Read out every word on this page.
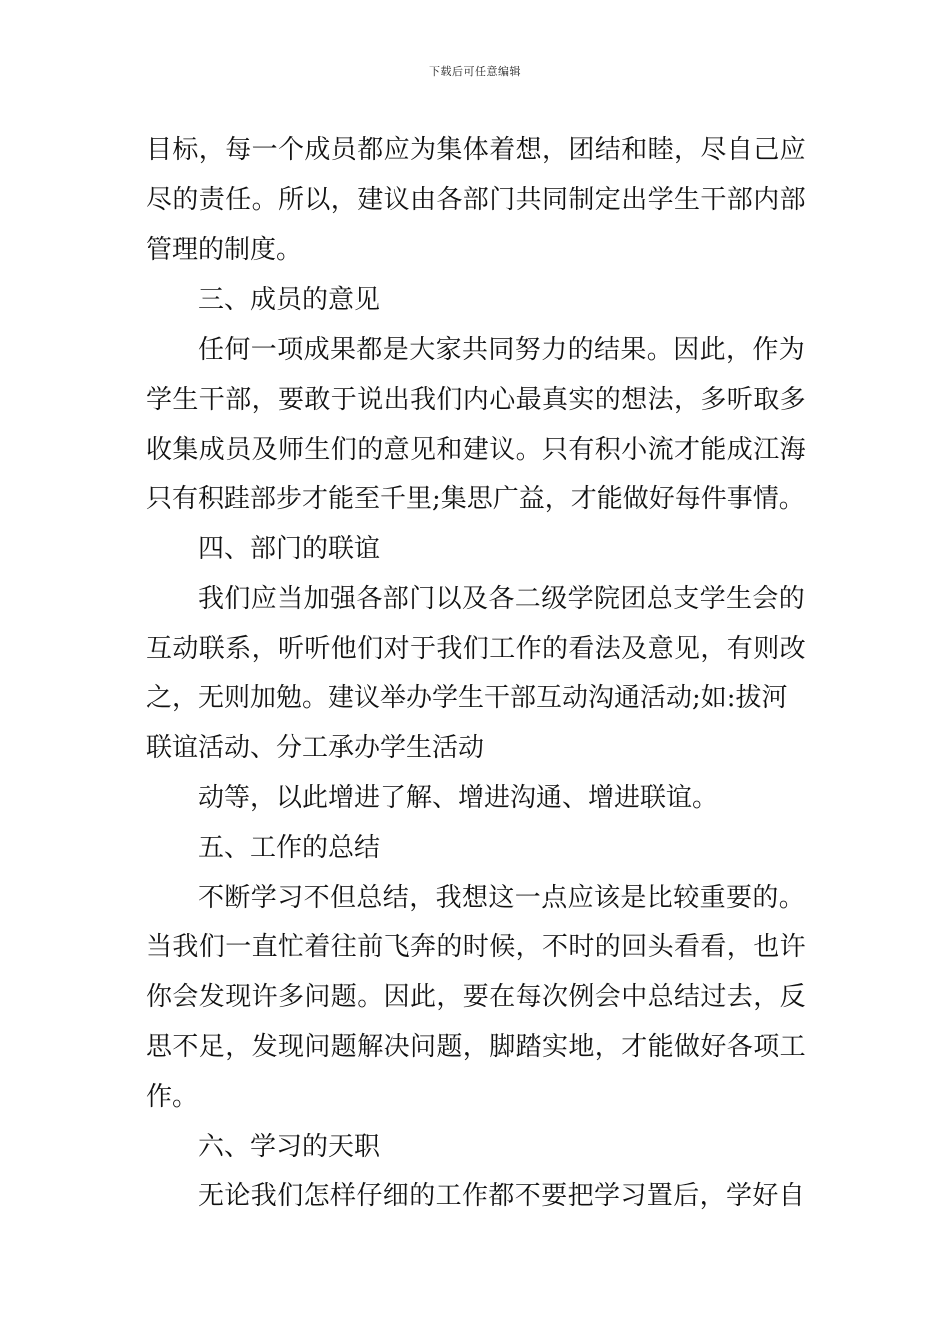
下载后可任意编辑
目标，每一个成员都应为集体着想，团结和睦，尽自己应
尽的责任。所以，建议由各部门共同制定出学生干部内部
管理的制度。
三、成员的意见
任何一项成果都是大家共同努力的结果。因此，作为
学生干部，要敢于说出我们内心最真实的想法，多听取多
收集成员及师生们的意见和建议。只有积小流才能成江海
只有积跬部步才能至千里;集思广益，才能做好每件事情。
四、部门的联谊
我们应当加强各部门以及各二级学院团总支学生会的
互动联系，听听他们对于我们工作的看法及意见，有则改
之，无则加勉。建议举办学生干部互动沟通活动;如:拔河
联谊活动、分工承办学生活动
动等，以此增进了解、增进沟通、增进联谊。
五、工作的总结
不断学习不但总结，我想这一点应该是比较重要的。
当我们一直忙着往前飞奔的时候，不时的回头看看，也许
你会发现许多问题。因此，要在每次例会中总结过去，反
思不足，发现问题解决问题，脚踏实地，才能做好各项工
作。
六、学习的天职
无论我们怎样仔细的工作都不要把学习置后，学好自
